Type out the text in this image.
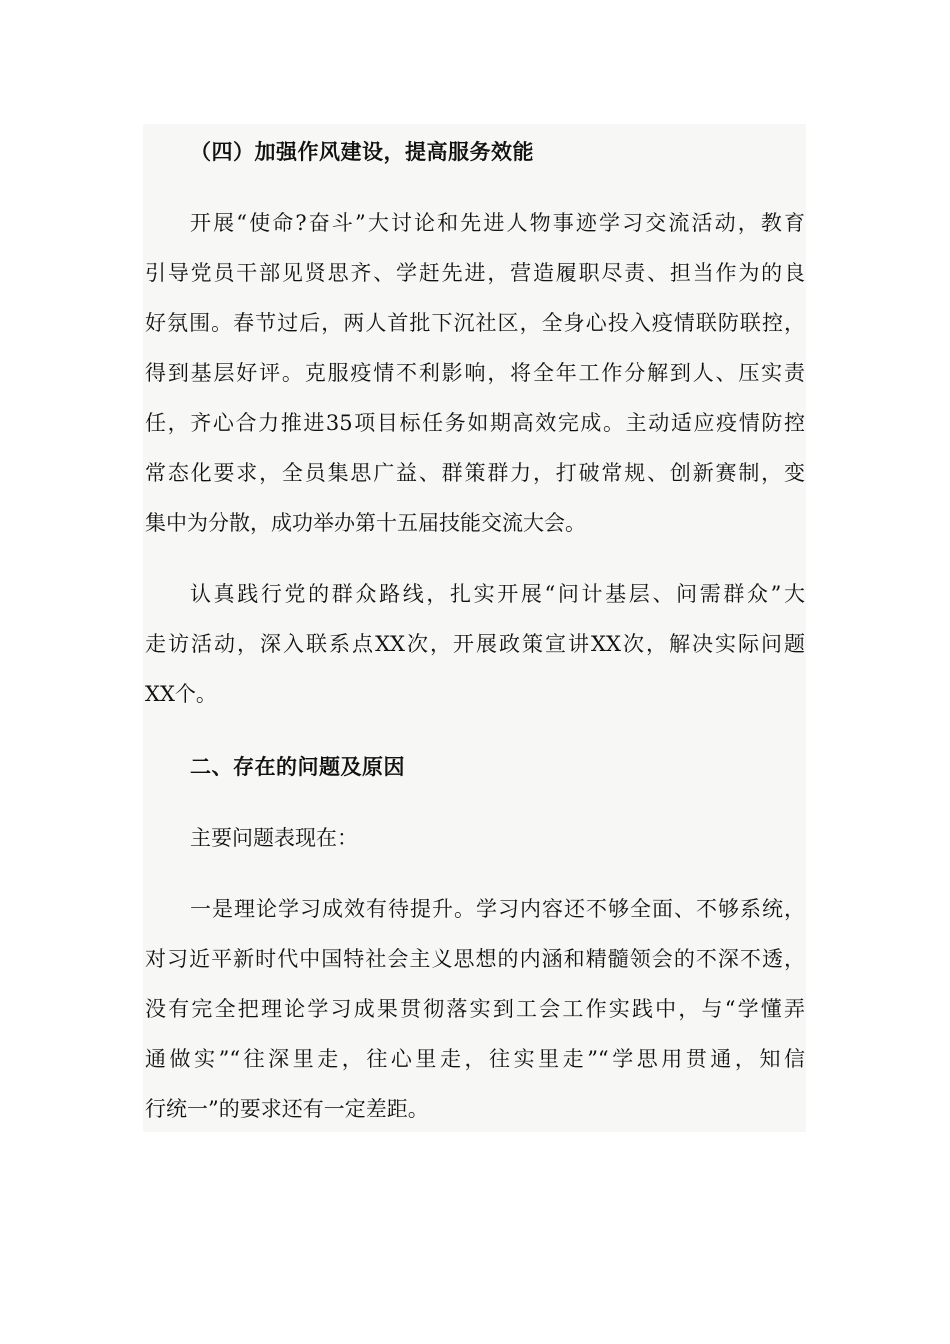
（四）加强作风建设，提高服务效能
开展“使命?奋斗”大讨论和先进人物事迹学习交流活动，教育
引导党员干部见贤思齐、学赶先进，营造履职尽责、担当作为的良
好氛围。春节过后，两人首批下沉社区，全身心投入疫情联防联控，
得到基层好评。克服疫情不利影响，将全年工作分解到人、压实责
任，齐心合力推进35项目标任务如期高效完成。主动适应疫情防控
常态化要求，全员集思广益、群策群力，打破常规、创新赛制，变
集中为分散，成功举办第十五届技能交流大会。
认真践行党的群众路线，扎实开展“问计基层、问需群众”大
走访活动，深入联系点XX次，开展政策宣讲XX次，解决实际问题
XX个。
二、存在的问题及原因
主要问题表现在：
一是理论学习成效有待提升。学习内容还不够全面、不够系统，
对习近平新时代中国特社会主义思想的内涵和精髓领会的不深不透，
没有完全把理论学习成果贯彻落实到工会工作实践中，与“学懂弄
通做实”“往深里走，往心里走，往实里走”“学思用贯通，知信
行统一”的要求还有一定差距。
